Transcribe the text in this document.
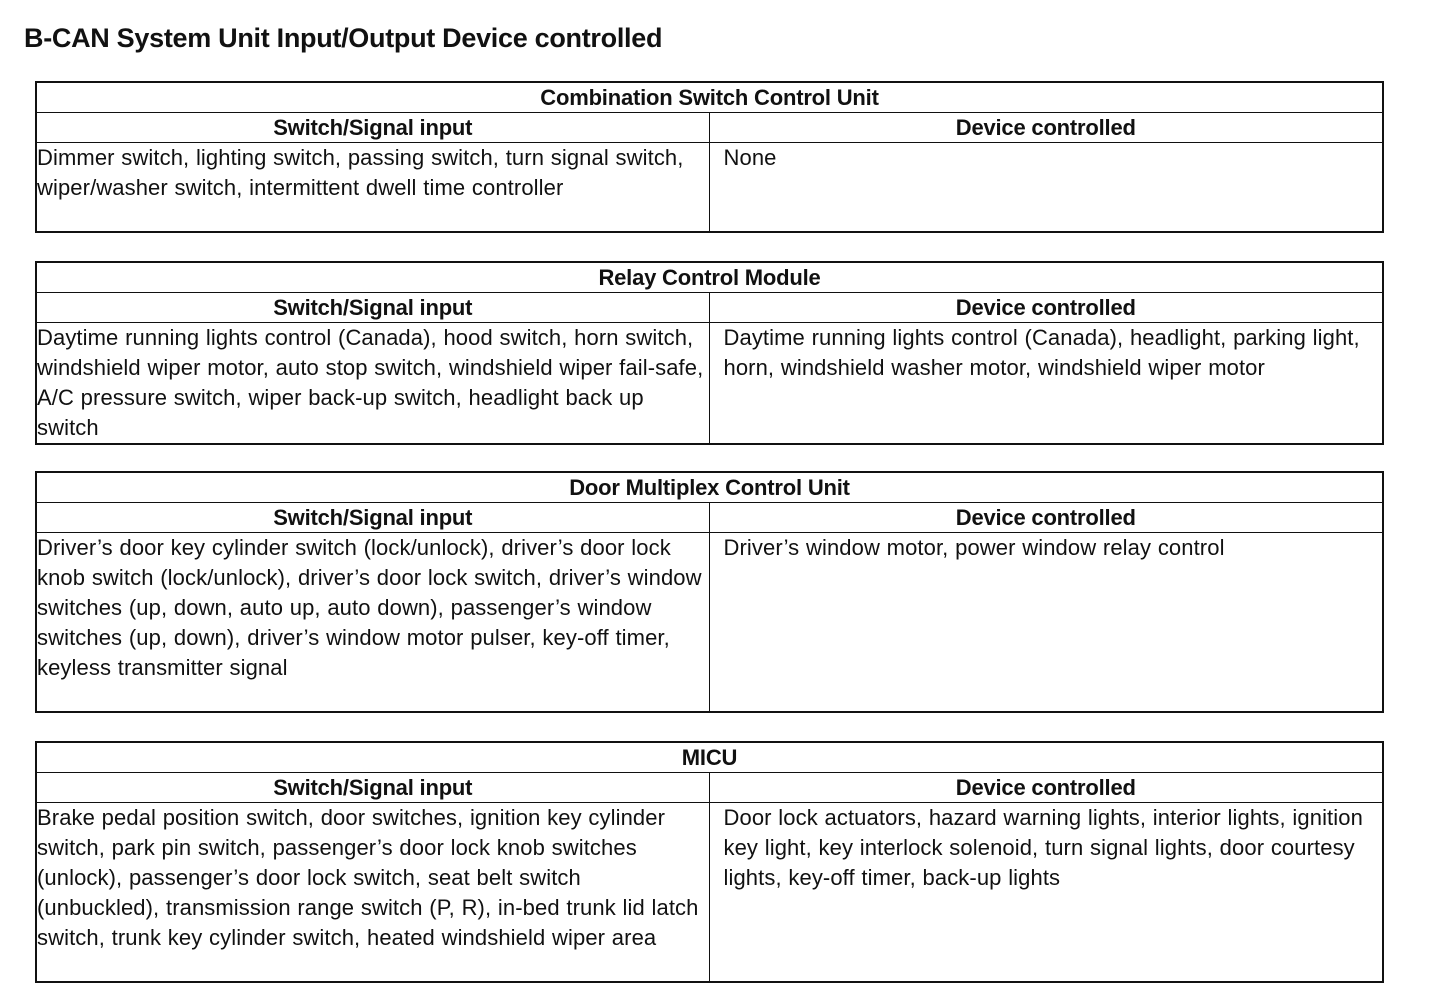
B-CAN System Unit Input/Output Device controlled
Combination Switch Control Unit	
Switch/Signal input	Device controlled
Dimmer switch, lighting switch, passing switch, turn signal switch, wiper/washer switch, intermittent dwell time controller	None
Relay Control Module	
Switch/Signal input	Device controlled
Daytime running lights control (Canada), hood switch, horn switch, windshield wiper motor, auto stop switch, windshield wiper fail-safe, A/C pressure switch, wiper back-up switch, headlight back up switch	Daytime running lights control (Canada), headlight, parking light, horn, windshield washer motor, windshield wiper motor
Door Multiplex Control Unit	
Switch/Signal input	Device controlled
Driver’s door key cylinder switch (lock/unlock), driver’s door lock knob switch (lock/unlock), driver’s door lock switch, driver’s window switches (up, down, auto up, auto down), passenger’s window switches (up, down), driver’s window motor pulser, key-off timer, keyless transmitter signal	Driver’s window motor, power window relay control
MICU	
Switch/Signal input	Device controlled
Brake pedal position switch, door switches, ignition key cylinder switch, park pin switch, passenger’s door lock knob switches (unlock), passenger’s door lock switch, seat belt switch (unbuckled), transmission range switch (P, R), in-bed trunk lid latch switch, trunk key cylinder switch, heated windshield wiper area	Door lock actuators, hazard warning lights, interior lights, ignition key light, key interlock solenoid, turn signal lights, door courtesy lights, key-off timer, back-up lights
